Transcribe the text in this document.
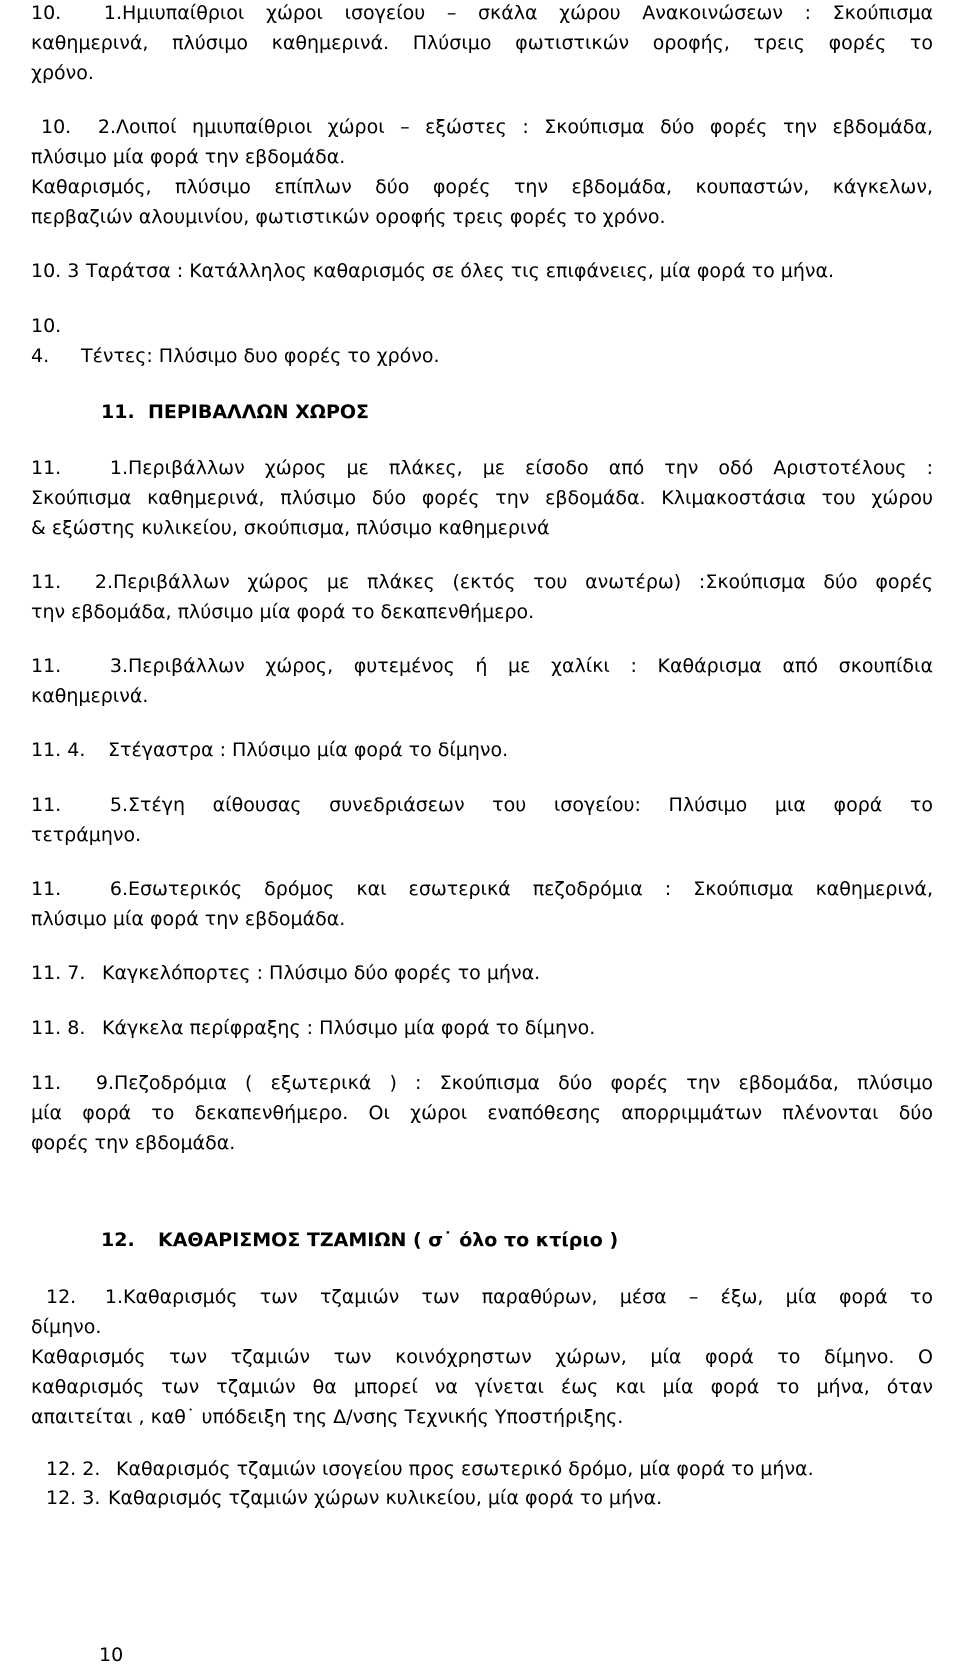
10. 1.Ημιυπαίθριοι χώροι ισογείου – σκάλα χώρου Ανακοινώσεων : Σκούπισμα
καθημερινά, πλύσιμο καθημερινά. Πλύσιμο φωτιστικών οροφής, τρεις φορές το
χρόνο.
10. 2.Λοιποί ημιυπαίθριοι χώροι – εξώστες : Σκούπισμα δύο φορές την εβδομάδα,
πλύσιμο μία φορά την εβδομάδα.
Καθαρισμός, πλύσιμο επίπλων δύο φορές την εβδομάδα, κουπαστών, κάγκελων,
περβαζιών αλουμινίου, φωτιστικών οροφής τρεις φορές το χρόνο.
10. 3 Ταράτσα : Κατάλληλος καθαρισμός σε όλες τις επιφάνειες, μία φορά το μήνα.
10. 4. Τέντες: Πλύσιμο δυο φορές το χρόνο.
11. ΠΕΡΙΒΑΛΛΩΝ ΧΩΡΟΣ
11. 1.Περιβάλλων χώρος με πλάκες, με είσοδο από την οδό Αριστοτέλους :
Σκούπισμα καθημερινά, πλύσιμο δύο φορές την εβδομάδα. Κλιμακοστάσια του χώρου
& εξώστης κυλικείου, σκούπισμα, πλύσιμο καθημερινά
11. 2.Περιβάλλων χώρος με πλάκες (εκτός του ανωτέρω) :Σκούπισμα δύο φορές
την εβδομάδα, πλύσιμο μία φορά το δεκαπενθήμερο.
11. 3.Περιβάλλων χώρος, φυτεμένος ή με χαλίκι : Καθάρισμα από σκουπίδια
καθημερινά.
11. 4. Στέγαστρα : Πλύσιμο μία φορά το δίμηνο.
11. 5.Στέγη αίθουσας συνεδριάσεων του ισογείου: Πλύσιμο μια φορά το
τετράμηνο.
11. 6.Εσωτερικός δρόμος και εσωτερικά πεζοδρόμια : Σκούπισμα καθημερινά,
πλύσιμο μία φορά την εβδομάδα.
11. 7. Καγκελόπορτες : Πλύσιμο δύο φορές το μήνα.
11. 8. Κάγκελα περίφραξης : Πλύσιμο μία φορά το δίμηνο.
11. 9.Πεζοδρόμια ( εξωτερικά ) : Σκούπισμα δύο φορές την εβδομάδα, πλύσιμο
μία φορά το δεκαπενθήμερο. Οι χώροι εναπόθεσης απορριμμάτων πλένονται δύο
φορές την εβδομάδα.
12. ΚΑΘΑΡΙΣΜΟΣ ΤΖΑΜΙΩΝ ( σ˙ όλο το κτίριο )
12. 1.Καθαρισμός των τζαμιών των παραθύρων, μέσα – έξω, μία φορά το
δίμηνο.
Καθαρισμός των τζαμιών των κοινόχρηστων χώρων, μία φορά το δίμηνο. Ο
καθαρισμός των τζαμιών θα μπορεί να γίνεται έως και μία φορά το μήνα, όταν
απαιτείται , καθ˙ υπόδειξη της Δ/νσης Τεχνικής Υποστήριξης.
12. 2. Καθαρισμός τζαμιών ισογείου προς εσωτερικό δρόμο, μία φορά το μήνα.
12. 3. Καθαρισμός τζαμιών χώρων κυλικείου, μία φορά το μήνα.
10
